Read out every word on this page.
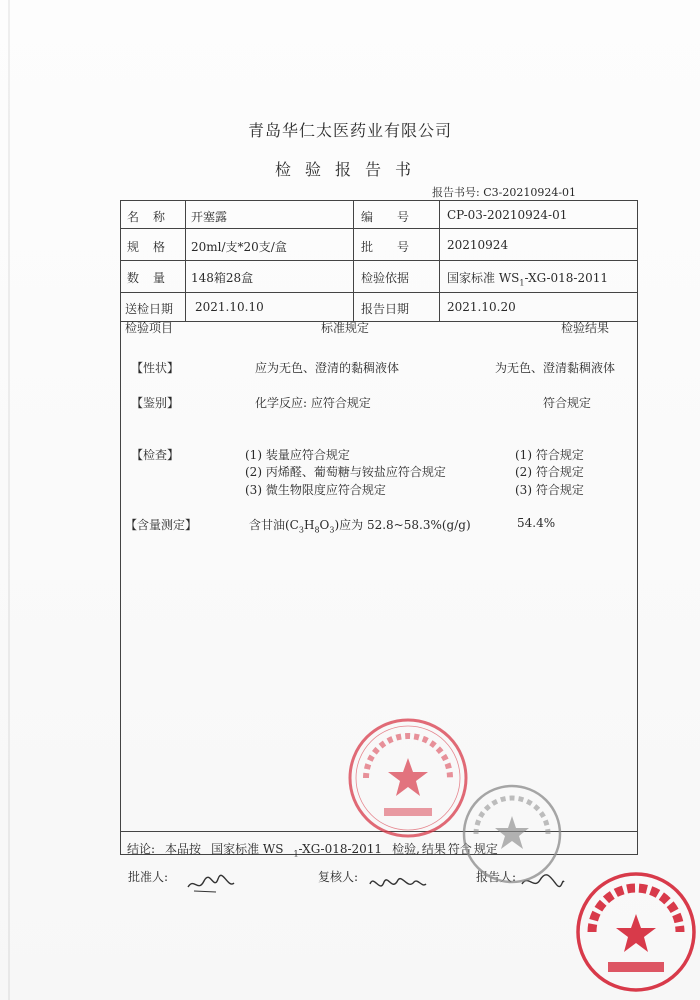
青岛华仁太医药业有限公司
检验报告书
报告书号: C3-20210924-01
名称 开塞露	编号 CP-03-20210924-01
规格 20ml/支*20支/盒	批号 20210924
数量 148箱28盒	检验依据	国家标准 $WS_1-XG-018-2011$
送检日期 2021.10.10	报告日期	2021.10.20
检验项目	标准规定	检验结果
【性状】	应为无色、澄清的黏稠液体	为无色、澄清黏稠液体
【鉴别】	化学反应: 应符合规定	符合规定
【检查】	(1) 装量应符合规定	(1) 符合规定
(2) 丙烯醛、葡萄糖与铵盐应符合规定	(2) 符合规定
(3) 微生物限度应符合规定	(3) 符合规定
【含量测定】	含甘油$(C_3H_8O_3)$应为 52.8~58.3%(g/g)	54.4%
结论: 本品按 国家标准 WS $_1$-XG-018-2011 检验, 结果 符合 规定
批准人:	复核人:	报告人:
